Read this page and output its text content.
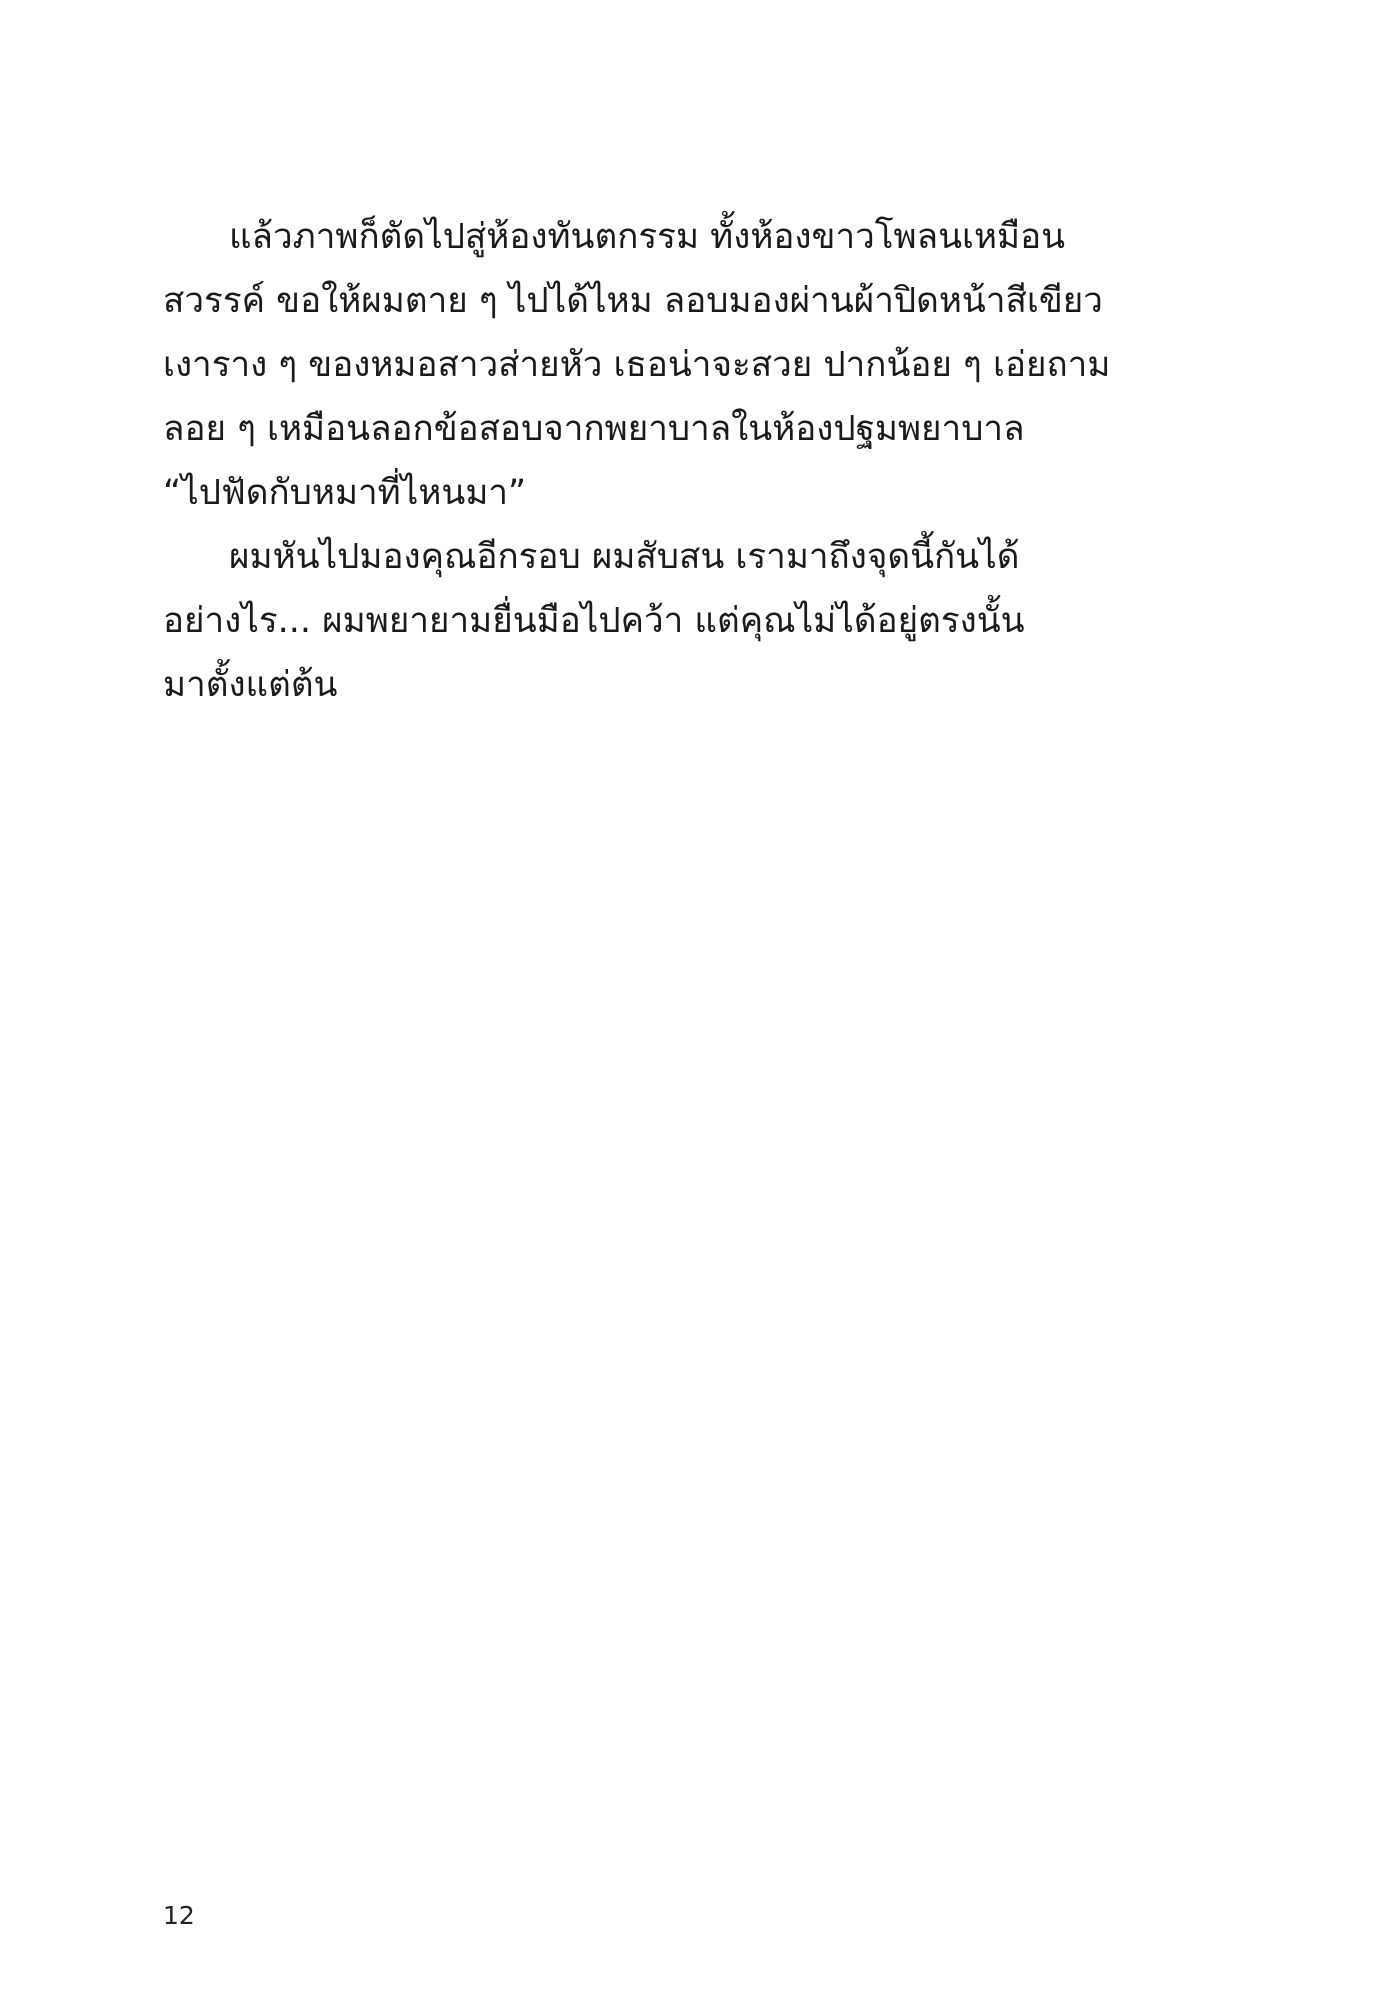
แล้วภาพก็ตัดไปสู่ห้องทันตกรรม ทั้งห้องขาวโพลนเหมือน
สวรรค์ ขอให้ผมตาย ๆ ไปได้ไหม ลอบมองผ่านผ้าปิดหน้าสีเขียว
เงาราง ๆ ของหมอสาวส่ายหัว เธอน่าจะสวย ปากน้อย ๆ เอ่ยถาม
ลอย ๆ เหมือนลอกข้อสอบจากพยาบาลในห้องปฐมพยาบาล
“ไปฟัดกับหมาที่ไหนมา”
ผมหันไปมองคุณอีกรอบ ผมสับสน เรามาถึงจุดนี้กันได้
อย่างไร... ผมพยายามยื่นมือไปคว้า แต่คุณไม่ได้อยู่ตรงนั้น
มาตั้งแต่ต้น
12
